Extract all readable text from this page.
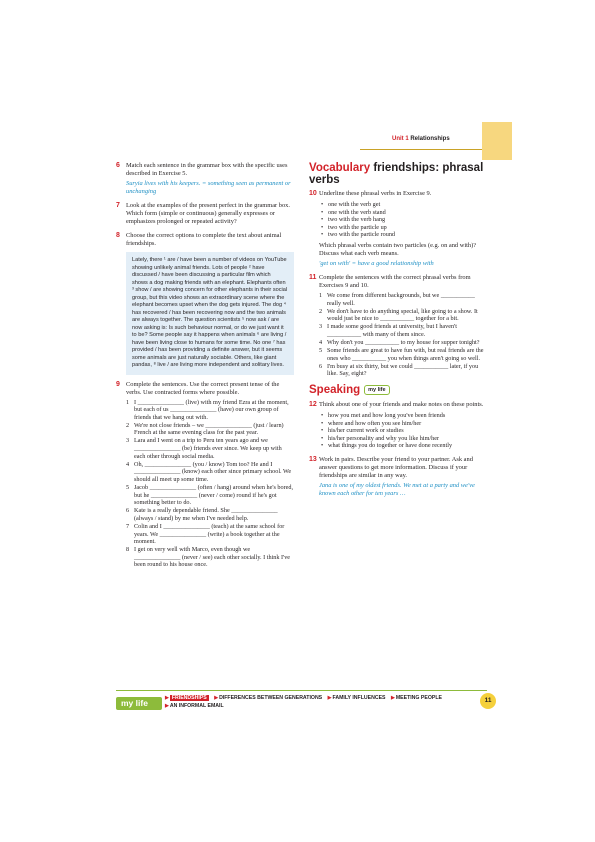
Unit 1 Relationships
6 Match each sentence in the grammar box with the specific uses described in Exercise 5.
Suryia lives with his keepers. = something seen as permanent or unchanging
7 Look at the examples of the present perfect in the grammar box. Which form (simple or continuous) generally expresses or emphasizes prolonged or repeated activity?
8 Choose the correct options to complete the text about animal friendships.

Lately, there ¹ are / have been a number of videos on YouTube showing unlikely animal friends. Lots of people ² have discussed / have been discussing a particular film which shows a dog making friends with an elephant. Elephants often ³ show / are showing concern for other elephants in their social group, but this video shows an extraordinary scene where the elephant becomes upset when the dog gets injured. The dog ⁴ has recovered / has been recovering now and the two animals are always together. The question scientists ⁵ now ask / are now asking is: Is such behaviour normal, or do we just want it to be? Some people say it happens when animals ⁶ are living / have been living close to humans for some time. No one ⁷ has provided / has been providing a definite answer, but it seems some animals are just naturally sociable. Others, like giant pandas, ⁸ live / are living more independent and solitary lives.

9 Complete the sentences. Use the correct present tense of the verbs. Use contracted forms where possible.
1 I _______________ (live) with my friend Ezra at the moment, but each of us _______________ (have) our own group of friends that we hang out with.
2 We're not close friends – we _______________ (just / learn) French at the same evening class for the past year.
3 Lara and I went on a trip to Peru ten years ago and we _______________ (be) friends ever since. We keep up with each other through social media.
4 Oh, _______________ (you / know) Tom too? He and I _______________ (know) each other since primary school. We should all meet up some time.
5 Jacob _______________ (often / hang) around when he's bored, but he _______________ (never / come) round if he's got something better to do.
6 Kate is a really dependable friend. She _______________ (always / stand) by me when I've needed help.
7 Colin and I _______________ (teach) at the same school for years. We _______________ (write) a book together at the moment.
8 I get on very well with Marco, even though we _______________ (never / see) each other socially. I think I've been round to his house once.
Vocabulary friendships: phrasal verbs
10 Underline these phrasal verbs in Exercise 9.
• one with the verb get
• one with the verb stand
• two with the verb hang
• two with the particle up
• two with the particle round
Which phrasal verbs contain two particles (e.g. on and with)? Discuss what each verb means.
'get on with' = have a good relationship with
11 Complete the sentences with the correct phrasal verbs from Exercises 9 and 10.
1 We come from different backgrounds, but we ___________ really well.
2 We don't have to do anything special, like going to a show. It would just be nice to ___________ together for a bit.
3 I made some good friends at university, but I haven't ___________ with many of them since.
4 Why don't you ___________ to my house for supper tonight?
5 Some friends are great to have fun with, but real friends are the ones who ___________ you when things aren't going so well.
6 I'm busy at six thirty, but we could ___________ later, if you like. Say, eight?
Speaking	my life
12 Think about one of your friends and make notes on these points.
• how you met and how long you've been friends
• where and how often you see him/her
• his/her current work or studies
• his/her personality and why you like him/her
• what things you do together or have done recently
13 Work in pairs. Describe your friend to your partner. Ask and answer questions to get more information. Discuss if your friendships are similar in any way.
Jana is one of my oldest friends. We met at a party and we've known each other for ten years …
my life	▶ FRIENDSHIPS ▶DIFFERENCES BETWEEN GENERATIONS ▶FAMILY INFLUENCES ▶MEETING PEOPLE ▶AN INFORMAL EMAIL
11
